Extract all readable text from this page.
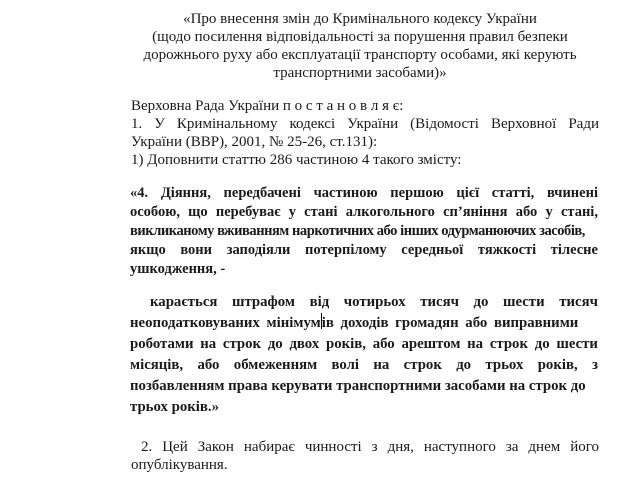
«Про внесення змін до Кримінального кодексу України
(щодо посилення відповідальності за порушення правил безпеки
дорожнього руху або експлуатації транспорту особами, які керують
транспортними засобами)»
Верховна Рада України п о с т а н о в л я є:
1. У Кримінальному кодексі України (Відомості Верховної Ради
України (ВВР), 2001, № 25-26, ст.131):
1) Доповнити статтю 286 частиною 4 такого змісту:
«4. Діяння, передбачені частиною першою цієї статті, вчинені
особою, що перебуває у стані алкогольного сп’яніння або у стані,
викликаному вживанням наркотичних або інших одурманюючих засобів,
якщо вони заподіяли потерпілому середньої тяжкості тілесне
ушкодження, -
карається штрафом від чотирьох тисяч до шести тисяч
неоподатковуваних мінімум ів доходів громадян або виправними
роботами на строк до двох років, або арештом на строк до шести
місяців, або обмеженням волі на строк до трьох років, з
позбавленням права керувати транспортними засобами на строк до
трьох років.»
2. Цей Закон набирає чинності з дня, наступного за днем його
опублікування.
